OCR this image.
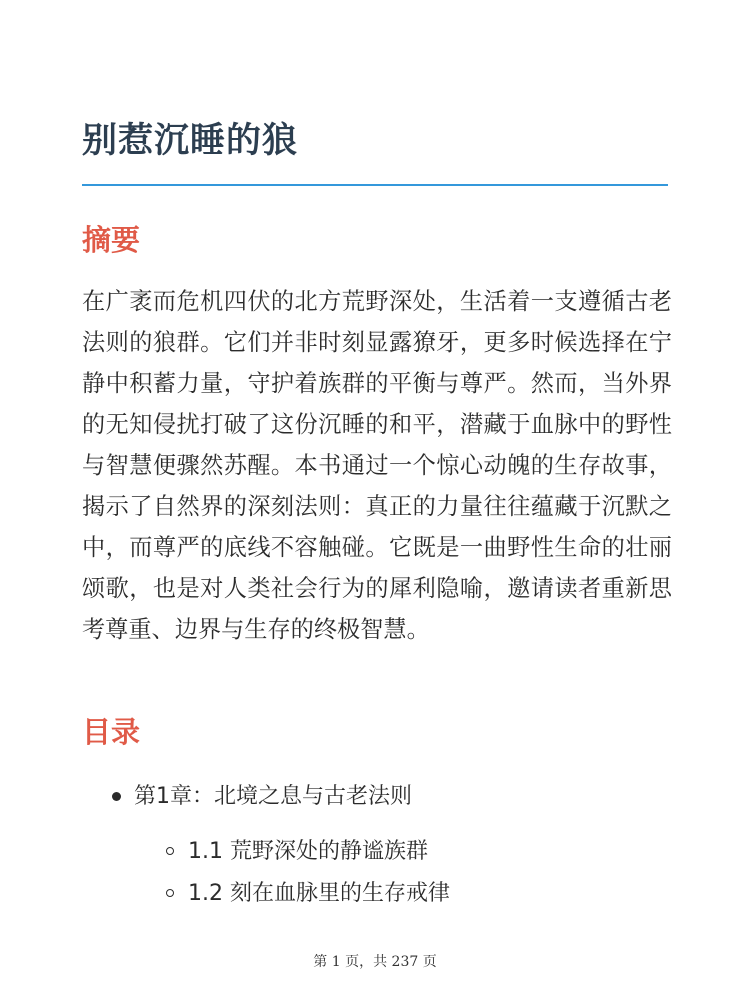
别惹沉睡的狼
摘要

在广袤而危机四伏的北方荒野深处，生活着一支遵循古老法则的狼群。它们并非时刻显露獠牙，更多时候选择在宁静中积蓄力量，守护着族群的平衡与尊严。然而，当外界的无知侵扰打破了这份沉睡的和平，潜藏于血脉中的野性与智慧便骤然苏醒。本书通过一个惊心动魄的生存故事，揭示了自然界的深刻法则：真正的力量往往蕴藏于沉默之中，而尊严的底线不容触碰。它既是一曲野性生命的壮丽颂歌，也是对人类社会行为的犀利隐喻，邀请读者重新思考尊重、边界与生存的终极智慧。

目录
第1章：北境之息与古老法则
1.1 荒野深处的静谧族群
1.2 刻在血脉里的生存戒律
第 1 页，共 237 页
